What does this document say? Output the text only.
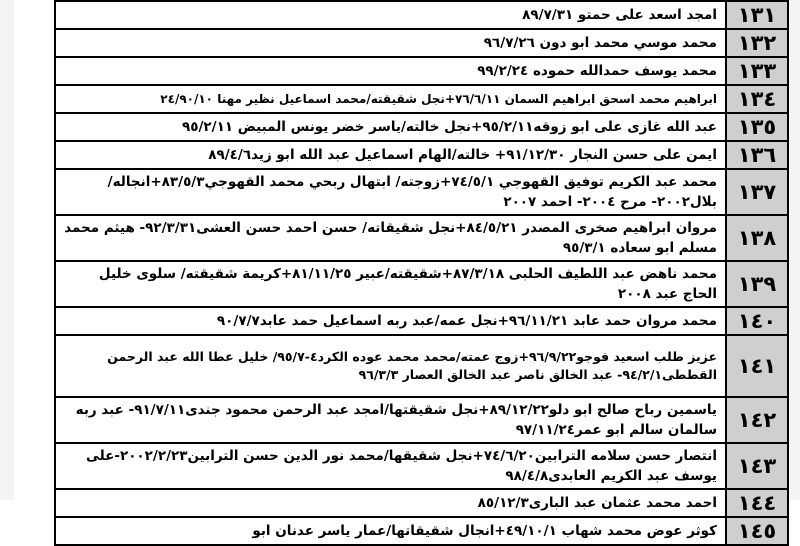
امجد اسعد على حمتو ٨٩/٧/٣١	١٣١
محمد موسي محمد ابو دون ٩٦/٧/٢٦	١٣٢
محمد يوسف حمدالله حموده ٩٩/٢/٢٤	١٣٣
ابراهيم محمد اسحق ابراهيم السمان ٧٦/٦/١١+نجل شقيقته/محمد اسماعيل نظير مهنا ٢٤/٩٠/١٠	١٣٤
عبد الله غازى على ابو زوقه٩٥/٢/١١+نجل خالته/ياسر خضر يونس المبيض ٩٥/٢/١١	١٣٥
ايمن على حسن النجار ٩١/١٢/٣٠+ خالته/الهام اسماعيل عبد الله ابو زيد٨٩/٤/٦	١٣٦
محمد عبد الكريم توفيق القهوجي ٧٤/٥/١+زوجته/ ابتهال ربحي محمد القهوجي٨٣/٥/٣+انجاله/بلال٢٠٠٢- مرح ٢٠٠٤- احمد ٢٠٠٧	١٣٧
مروان ابراهيم صخرى المصدر ٨٤/٥/٢١+نجل شقيقاته/ حسن احمد حسن العشى٩٢/٣/٣١- هيثم محمد مسلم ابو سعاده ٩٥/٣/١	١٣٨
محمد ناهض عبد اللطيف الحلبى ٨٧/٣/١٨+شقيقته/عبير ٨١/١١/٢٥+كريمة شقيقته/ سلوى خليل الحاج عبد ٢٠٠٨	١٣٩
محمد مروان حمد عابد ٩٦/١١/٢١+نجل عمه/عبد ربه اسماعيل حمد عابد٩٠/٧/٧	١٤٠
عزيز طلب اسعيد فوجو٩٦/٩/٢٢+زوج عمته/محمد محمد عوده الكرد٤-٩٥/٧/ خليل عطا الله عبد الرحمن القططى٩٤/٢/١- عبد الخالق ناصر عبد الخالق العصار ٩٦/٣/٣	١٤١
ياسمين رباح صالح ابو دلو٨٩/١٢/٢٢+نجل شقيقتها/امجد عبد الرحمن محمود جندى٩١/٧/١١- عبد ربه سالمان سالم ابو عمر٩٧/١١/٢٤	١٤٢
انتصار حسن سلامه الترابين٧٤/٦/٢٠+نجل شقيقها/محمد نور الدين حسن الترابين٢٠٠٢/٢/٢٣-على يوسف عبد الكريم العابدى٩٨/٤/٨	١٤٣
احمد محمد عثمان عبد البارى٨٥/١٢/٣	١٤٤
كوثر عوض محمد شهاب ٤٩/١٠/١+انجال شقيقاتها/عمار ياسر عدنان ابو	١٤٥
